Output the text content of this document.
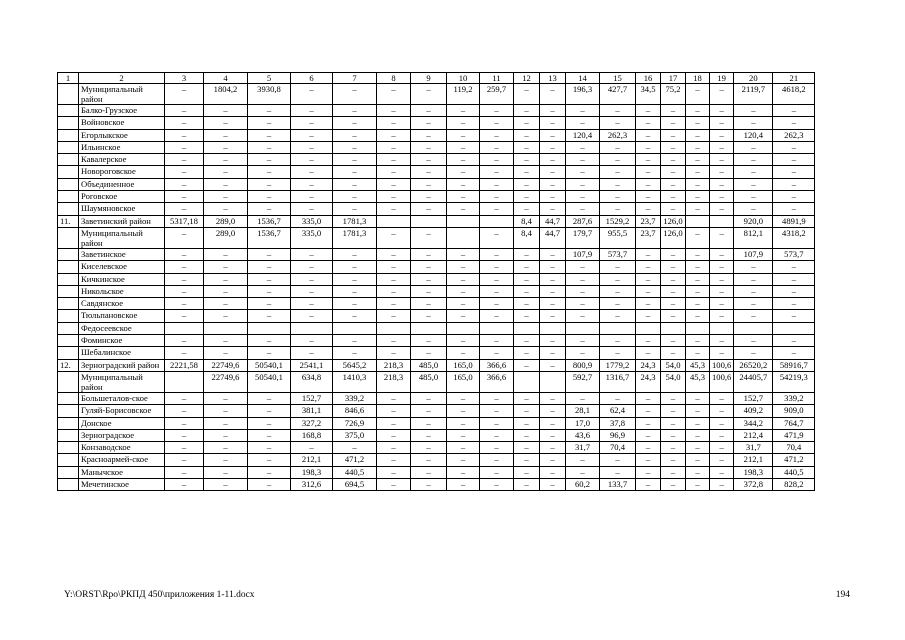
1	2	3	4	5	6	7	8	9	10	11	12	13	14	15	16	17	18	19	20	21
	Муниципальный район	–	1804,2	3930,8	–	–	–	–	119,2	259,7	–	–	196,3	427,7	34,5	75,2	–	–	2119,7	4618,2
	Балко-Грузское	–	–	–	–	–	–	–	–	–	–	–	–	–	–	–	–	–	–	–
	Войновское	–	–	–	–	–	–	–	–	–	–	–	–	–	–	–	–	–	–	–
	Егорлыкское	–	–	–	–	–	–	–	–	–	–	–	120,4	262,3	–	–	–	–	120,4	262,3
	Ильинское	–	–	–	–	–	–	–	–	–	–	–	–	–	–	–	–	–	–	–
	Кавалерское	–	–	–	–	–	–	–	–	–	–	–	–	–	–	–	–	–	–	–
	Новороговское	–	–	–	–	–	–	–	–	–	–	–	–	–	–	–	–	–	–	–
	Объединенное	–	–	–	–	–	–	–	–	–	–	–	–	–	–	–	–	–	–	–
	Роговское	–	–	–	–	–	–	–	–	–	–	–	–	–	–	–	–	–	–	–
	Шаумяновское	–	–	–	–	–	–	–	–	–	–	–	–	–	–	–	–	–	–	–
11.	Заветинский район	5317,18	289,0	1536,7	335,0	1781,3					8,4	44,7	287,6	1529,2	23,7	126,0			920,0	4891,9
	Муниципальный район	–	289,0	1536,7	335,0	1781,3	–	–		–	8,4	44,7	179,7	955,5	23,7	126,0	–	–	812,1	4318,2
	Заветинское	–	–	–	–	–	–	–	–	–	–	–	107,9	573,7	–	–	–	–	107,9	573,7
	Киселевское	–	–	–	–	–	–	–	–	–	–	–	–	–	–	–	–	–	–	–
	Кичкинское	–	–	–	–	–	–	–	–	–	–	–	–	–	–	–	–	–	–	–
	Никольское	–	–	–	–	–	–	–	–	–	–	–	–	–	–	–	–	–	–	–
	Савдянское	–	–	–	–	–	–	–	–	–	–	–	–	–	–	–	–	–	–	–
	Тюльпановское	–	–	–	–	–	–	–	–	–	–	–	–	–	–	–	–	–	–	–
	Федосеевское																			
	Фоминское	–	–	–	–	–	–	–	–	–	–	–	–	–	–	–	–	–	–	–
	Шебалинское	–	–	–	–	–	–	–	–	–	–	–	–	–	–	–	–	–	–	–
12.	Зерноградский район	2221,58	22749,6	50540,1	2541,1	5645,2	218,3	485,0	165,0	366,6	–	–	800,9	1779,2	24,3	54,0	45,3	100,6	26520,2	58916,7
	Муниципальный район		22749,6	50540,1	634,8	1410,3	218,3	485,0	165,0	366,6			592,7	1316,7	24,3	54,0	45,3	100,6	24405,7	54219,3
	Большеталов-ское	–	–	–	152,7	339,2	–	–	–	–	–	–	–	–	–	–	–	–	152,7	339,2
	Гуляй-Борисовское	–	–	–	381,1	846,6	–	–	–	–	–	–	28,1	62,4	–	–	–	–	409,2	909,0
	Донское	–	–	–	327,2	726,9	–	–	–	–	–	–	17,0	37,8	–	–	–	–	344,2	764,7
	Зерноградское	–	–	–	168,8	375,0	–	–	–	–	–	–	43,6	96,9	–	–	–	–	212,4	471,9
	Конзаводское	–	–	–	–	–	–	–	–	–	–	–	31,7	70,4	–	–	–	–	31,7	70,4
	Красноармей-ское	–	–	–	212,1	471,2	–	–	–	–	–	–	–	–	–	–	–	–	212,1	471,2
	Манычское	–	–	–	198,3	440,5	–	–	–	–	–	–	–	–	–	–	–	–	198,3	440,5
	Мечетинское	–	–	–	312,6	694,5	–	–	–	–	–	–	60,2	133,7	–	–	–	–	372,8	828,2
Y:\ORST\Rpo\РКПД 450\приложения 1-11.docx	194
